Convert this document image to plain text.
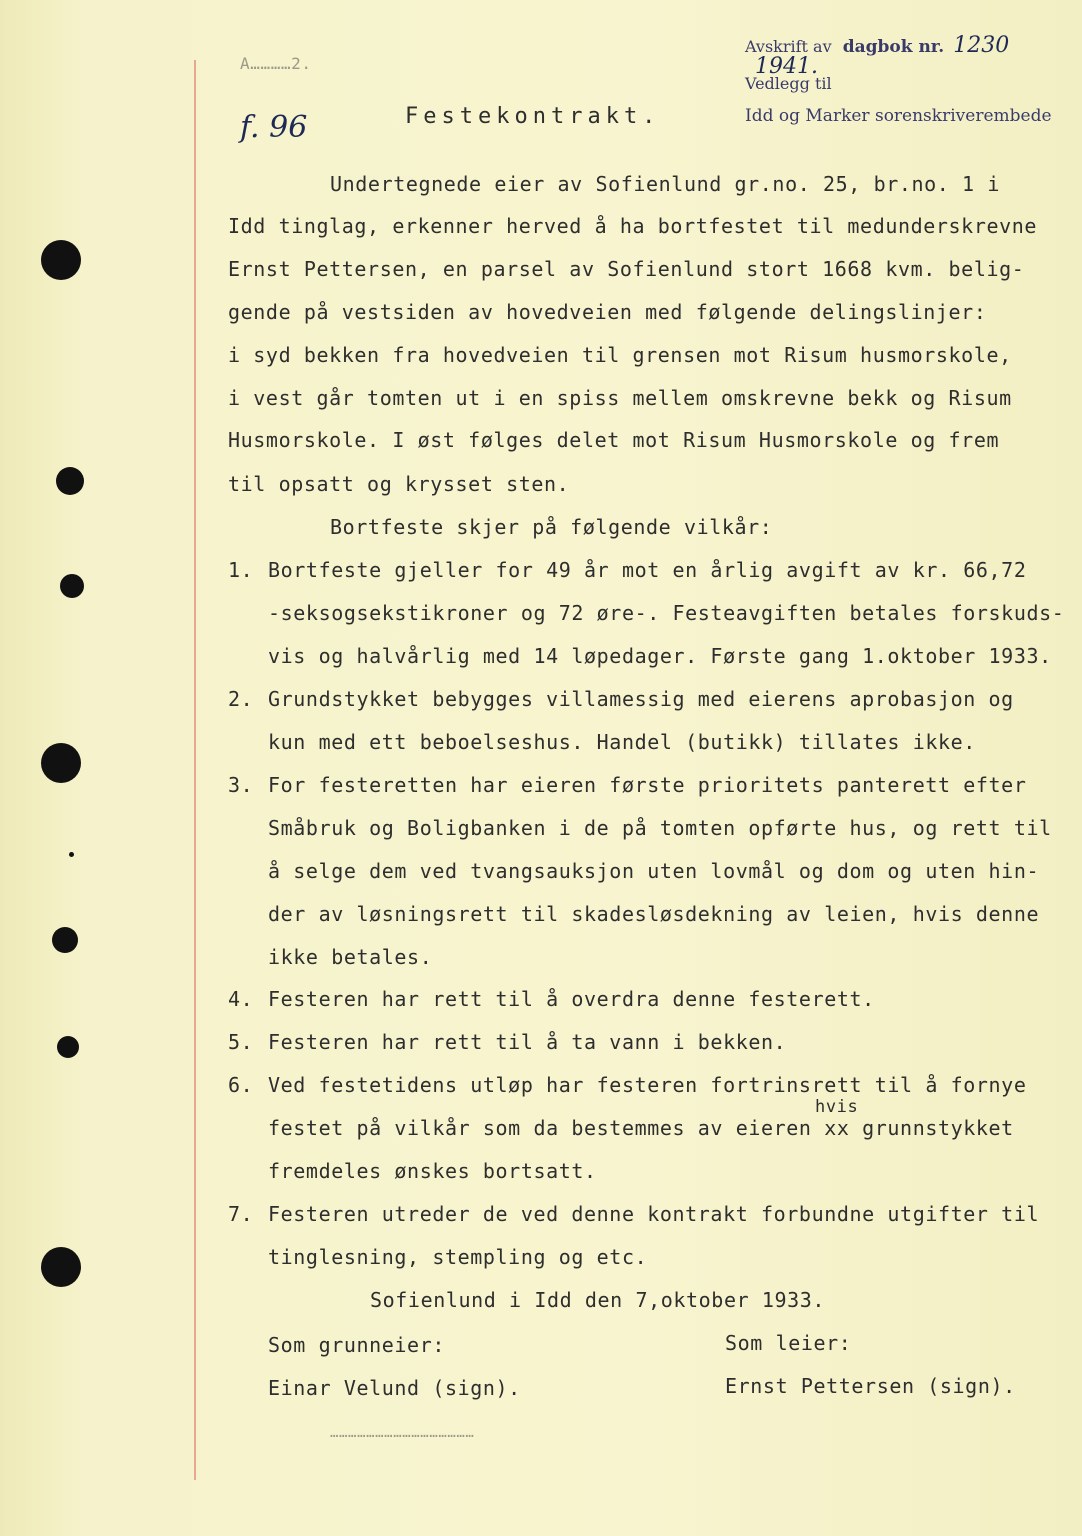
Avskrift av dagbok nr. 1230 1941.
Vedlegg til
Idd og Marker sorenskriverembede
A…………2.
f. 96	Festekontrakt.
Undertegnede eier av Sofienlund gr.no. 25, br.no. 1 i
Idd tinglag, erkenner herved å ha bortfestet til medunderskrevne
Ernst Pettersen, en parsel av Sofienlund stort 1668 kvm. belig-
gende på vestsiden av hovedveien med følgende delingslinjer:
i syd bekken fra hovedveien til grensen mot Risum husmorskole,
i vest går tomten ut i en spiss mellem omskrevne bekk og Risum
Husmorskole. I øst følges delet mot Risum Husmorskole og frem
til opsatt og krysset sten.
Bortfeste skjer på følgende vilkår:
1. Bortfeste gjeller for 49 år mot en årlig avgift av kr. 66,72
-seksogsekstikroner og 72 øre-. Festeavgiften betales forskuds-
vis og halvårlig med 14 løpedager. Første gang 1.oktober 1933.
2. Grundstykket bebygges villamessig med eierens aprobasjon og
kun med ett beboelseshus. Handel (butikk) tillates ikke.
3. For festeretten har eieren første prioritets panterett efter
Småbruk og Boligbanken i de på tomten opførte hus, og rett til
å selge dem ved tvangsauksjon uten lovmål og dom og uten hin-
der av løsningsrett til skadesløsdekning av leien, hvis denne
ikke betales.
4. Festeren har rett til å overdra denne festerett.
5. Festeren har rett til å ta vann i bekken.
6. Ved festetidens utløp har festeren fortrinsrett til å fornye
hvis
festet på vilkår som da bestemmes av eieren xx grunnstykket
fremdeles ønskes bortsatt.
7. Festeren utreder de ved denne kontrakt forbundne utgifter til
tinglesning, stempling og etc.
Sofienlund i Idd den 7,oktober 1933.
Som grunneier:	Som leier:
Einar Velund (sign).	Ernst Pettersen (sign).
…………………………………………
